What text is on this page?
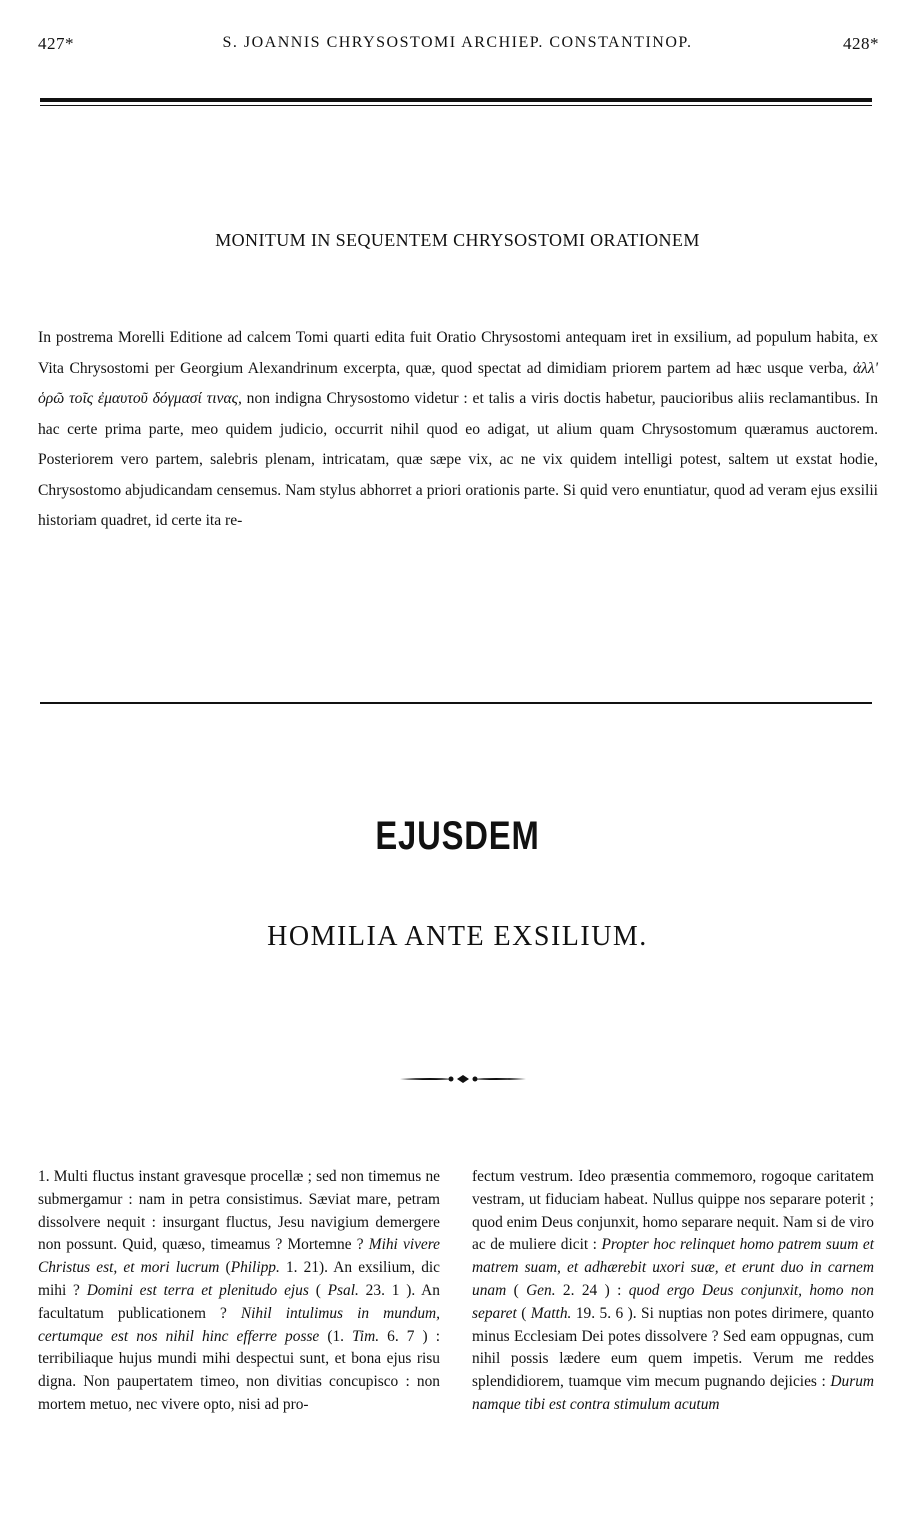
427*	S. JOANNIS CHRYSOSTOMI ARCHIEP. CONSTANTINOP.	428*
MONITUM IN SEQUENTEM CHRYSOSTOMI ORATIONEM

In postrema Morelli Editione ad calcem Tomi quarti edita fuit Oratio Chrysostomi antequam iret in exsilium, ad populum habita, ex Vita Chrysostomi per Georgium Alexandrinum excerpta, quæ, quod spectat ad dimidiam priorem partem ad hæc usque verba, ἀλλ' ὁρῶ τοῖς ἐμαυτοῦ δόγμασί τινας, non indigna Chrysostomo videtur : et talis a viris doctis habetur, paucioribus aliis reclamantibus. In hac certe prima parte, meo quidem judicio, occurrit nihil quod eo adigat, ut alium quam Chrysostomum quæramus auctorem. Posteriorem vero partem, salebris plenam, intricatam, quæ sæpe vix, ac ne vix quidem intelligi potest, saltem ut exstat hodie, Chrysostomo abjudicandam censemus. Nam stylus abhorret a priori orationis parte. Si quid vero enuntiatur, quod ad veram ejus exsilii historiam quadret, id certe ita re-

EJUSDEM
HOMILIA ANTE EXSILIUM.

1. Multi fluctus instant gravesque procellæ ; sed non timemus ne submergamur : nam in petra consistimus. Sæviat mare, petram dissolvere nequit : insurgant fluctus, Jesu navigium demergere non possunt. Quid, quæso, timeamus ? Mortemne ? Mihi vivere Christus est, et mori lucrum (Philipp. 1. 21). An exsilium, dic mihi ? Domini est terra et plenitudo ejus ( Psal. 23. 1 ). An facultatum publicationem ? Nihil intulimus in mundum, certumque est nos nihil hinc efferre posse (1. Tim. 6. 7 ) : terribiliaque hujus mundi mihi despectui sunt, et bona ejus risu digna. Non paupertatem timeo, non divitias concupisco : non mortem metuo, nec vivere opto, nisi ad pro-

fectum vestrum. Ideo præsentia commemoro, rogoque caritatem vestram, ut fiduciam habeat. Nullus quippe nos separare poterit ; quod enim Deus conjunxit, homo separare nequit. Nam si de viro ac de muliere dicit : Propter hoc relinquet homo patrem suum et matrem suam, et adhærebit uxori suæ, et erunt duo in carnem unam ( Gen. 2. 24 ) : quod ergo Deus conjunxit, homo non separet ( Matth. 19. 5. 6 ). Si nuptias non potes dirimere, quanto minus Ecclesiam Dei potes dissolvere ? Sed eam oppugnas, cum nihil possis lædere eum quem impetis. Verum me reddes splendidiorem, tuamque vim mecum pugnando dejicies : Durum namque tibi est contra stimulum acutum
